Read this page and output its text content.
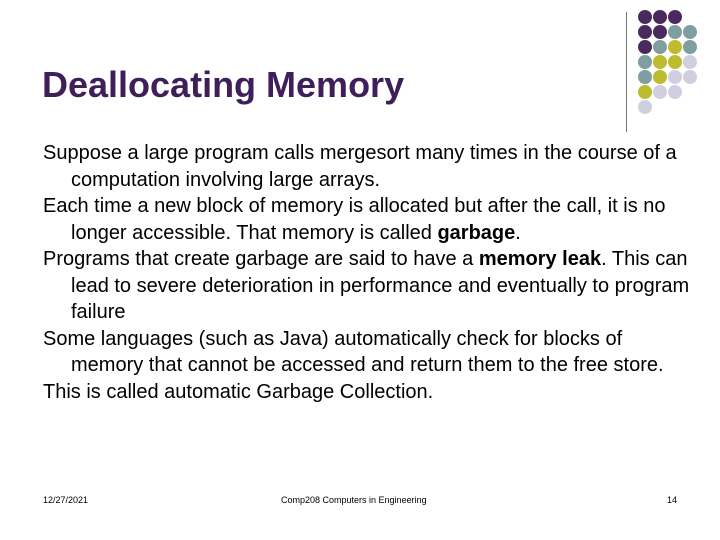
Deallocating Memory

Suppose a large program calls mergesort many times in the course of a computation involving large arrays.

Each time a new block of memory is allocated but after the call, it is no longer accessible. That memory is called garbage.

Programs that create garbage are said to have a memory leak. This can lead to severe deterioration in performance and eventually to program failure

Some languages (such as Java) automatically check for blocks of memory that cannot be accessed and return them to the free store.

This is called automatic Garbage Collection.

12/27/2021	Comp208 Computers in Engineering	14
